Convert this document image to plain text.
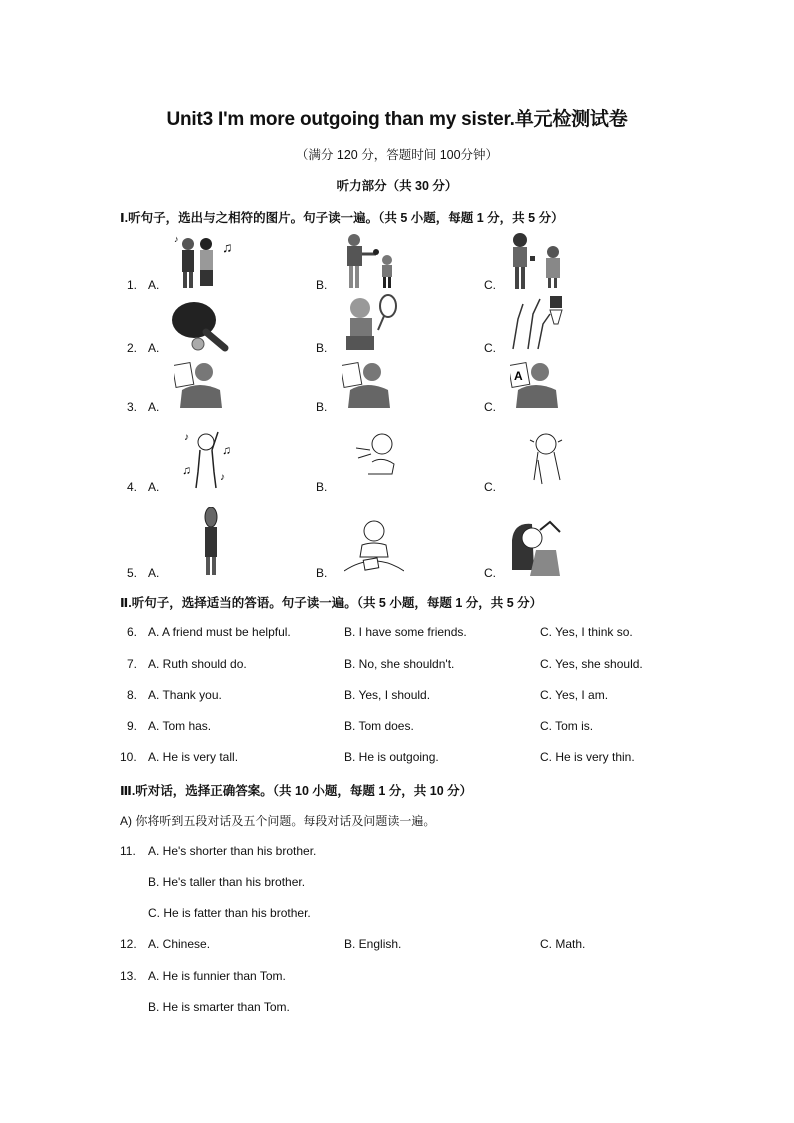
Unit3 I'm more outgoing than my sister.单元检测试卷
（满分 120 分，答题时间 100分钟）
听力部分（共 30 分）
Ⅰ.听句子，选出与之相符的图片。句子读一遍。（共 5 小题，每题 1 分，共 5 分）
1. A.	B.	C.
♫
♪
2. A.	B.	C.
3. A.	B.	C.
A
4. A.	B.	C.
♪
♫
♫
♪
5. A.	B.	C.
Ⅱ.听句子，选择适当的答语。句子读一遍。（共 5 小题，每题 1 分，共 5 分）
6. A. A friend must be helpful.	B. I have some friends.	C. Yes, I think so.
7. A. Ruth should do.	B. No, she shouldn't.	C. Yes, she should.
8. A. Thank you.	B. Yes, I should.	C. Yes, I am.
9. A. Tom has.	B. Tom does.	C. Tom is.
10. A. He is very tall.	B. He is outgoing.	C. He is very thin.
Ⅲ.听对话，选择正确答案。（共 10 小题，每题 1 分，共 10 分）
A) 你将听到五段对话及五个问题。每段对话及问题读一遍。
11. A. He's shorter than his brother.
B. He's taller than his brother.
C. He is fatter than his brother.
12. A. Chinese.	B. English.	C. Math.
13. A. He is funnier than Tom.
B. He is smarter than Tom.
